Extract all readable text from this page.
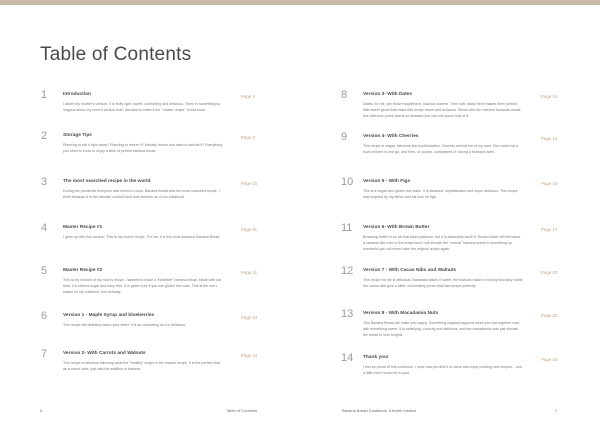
Table of Contents
1	Introduction
I adore my mother's version. It is fluffy light, sweet, comforting and delicious. There is something so magical about my mom's version that I decided to make it the "master recipe" of this book.
Page 4
2	Storage Tips
Planning to eat it right away? Planning to freeze it? Already frozen and want to defrost it? Everything you need to know to enjoy a slice of perfect banana bread.
Page 8
3	The most searched recipe in the world
During the pandemic everyone was forced to cook. Banana Bread was the most searched recipe. I think because it is the ultimate comfort food that reminds us of our childhood.
Page 10
4	Master Recipe #1
I grew up with this version. This is my mom's recipe. For me, it is the most delicious Banana Bread.
Page 11
5	Master Recipe #2
This is my version of my mom's recipe. I wanted to make a "healthier" banana bread. Made with oat flour, it is refined sugar and dairy free. It is gluten free if you use gluten free oats. This is the one I baked for my childrens' first birthday.
Page 11
6	Version 1 - Maple Syrup and blueberries
This recipe will definitely warm your heart. It is as comforting as it is delicious.
Page 12
7	Version 2- With Carrots and Walnuts
This recipe is fabulous following what the "healthy" recipe in the master recipe. It is the perfect idea as a carrot cake, just with the addition of banana.
Page 12
8	Version 3- With Dates
Dates, for me, are those magnificent, luscious sweets. Their soft, sticky flesh makes them perfect little sweet gems that make this recipe sweet and delicious. Mixed with the mashed bananas create this delicious puree that is so fantastic you can eat spoon fulls of it.
Page 14
9	Version 4- With Cherries
This recipe is vegan, fabulous and sophisticated. Cherries remind me of my aunt. She could eat a bowl of them in one go, and then, of course, complained of having a stomach ache.
Page 14
10 Version 5 - With Figs
This is a vegan and gluten free bake. It is fabulous, sophisticated and super delicious. This recipe was inspired by my father and his love for figs.
Page 16
11 Version 6- With Brown Butter
Browning butter is an art that takes patience, but it is absolutely worth it. Brown butter will introduce a caramel-like note to the bread and it will elevate the "normal" banana bread to something so wonderful you will never bake the original recipe again.
Page 17
12 Version 7 - With Cacao Nibs and Walnuts
This recipe for me is delicious. Bananas makes it sweet, the walnuts make it crunchy and silky, while the cacao nibs give a bitter, chocolately punch that harmonize perfectly.
Page 20
13 Version 8 - With Macadamia Nuts
This Banana Bread will make you happy. Something magical happens when you mix together nuts with something sweet. It is satisfying, crunchy and delicious, and the macadamia nuts just elevate the bread to new heights.
Page 22
14 Thank you!
I feel so proud of this cookbook. I hope that you find it of value and enjoy cooking new recipes... and a little more home me to you!
Page 24
6	Table of Contents	Banana Bread Cookbook. Kitchen Instinct	7
